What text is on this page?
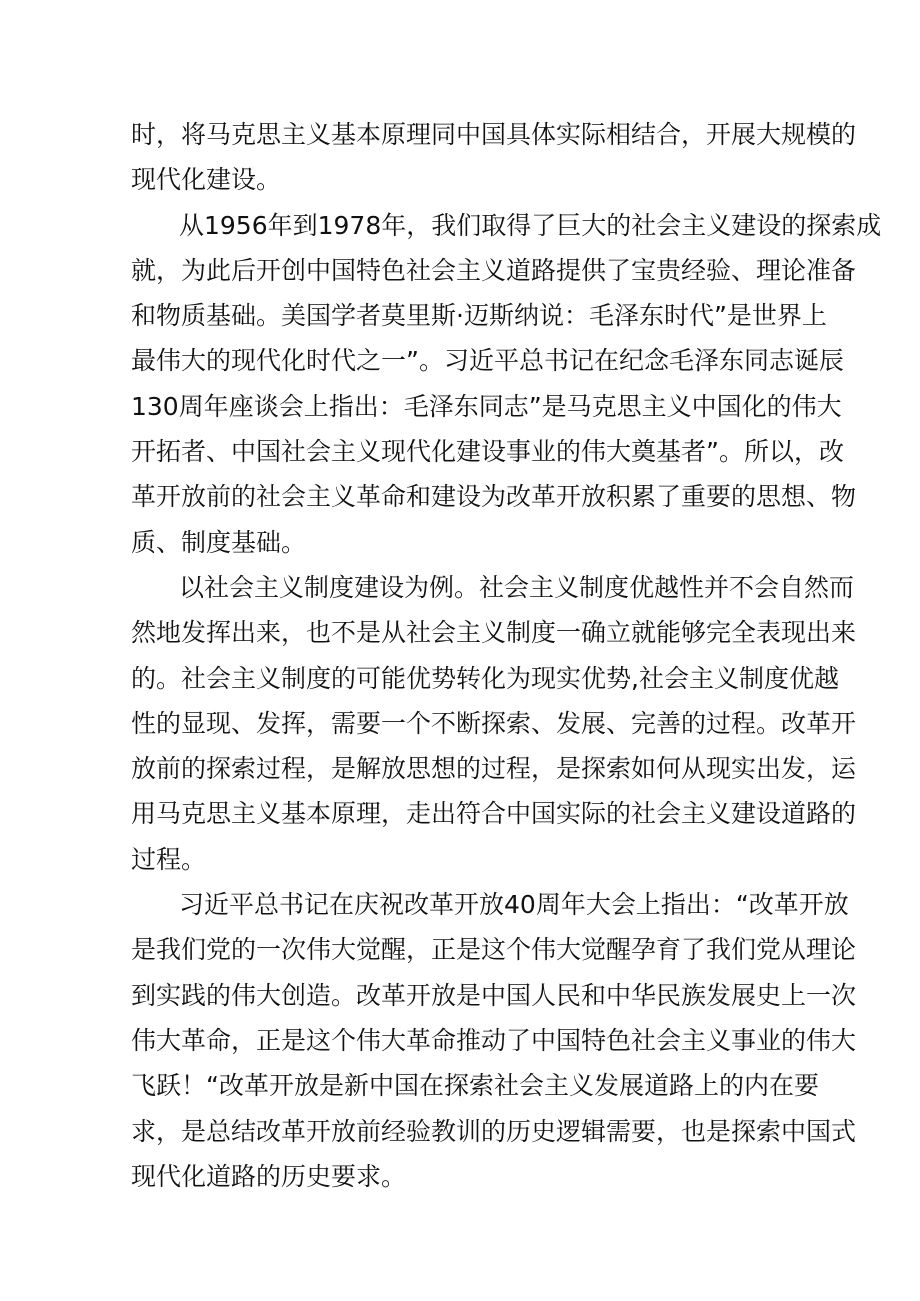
时，将马克思主义基本原理同中国具体实际相结合，开展大规模的
现代化建设。
从1956年到1978年，我们取得了巨大的社会主义建设的探索成
就，为此后开创中国特色社会主义道路提供了宝贵经验、理论准备
和物质基础。美国学者莫里斯·迈斯纳说：毛泽东时代”是世界上
最伟大的现代化时代之一”。习近平总书记在纪念毛泽东同志诞辰
130周年座谈会上指出：毛泽东同志”是马克思主义中国化的伟大
开拓者、中国社会主义现代化建设事业的伟大奠基者”。所以，改
革开放前的社会主义革命和建设为改革开放积累了重要的思想、物
质、制度基础。
以社会主义制度建设为例。社会主义制度优越性并不会自然而
然地发挥出来，也不是从社会主义制度一确立就能够完全表现出来
的。社会主义制度的可能优势转化为现实优势,社会主义制度优越
性的显现、发挥，需要一个不断探索、发展、完善的过程。改革开
放前的探索过程，是解放思想的过程，是探索如何从现实出发，运
用马克思主义基本原理，走出符合中国实际的社会主义建设道路的
过程。
习近平总书记在庆祝改革开放40周年大会上指出：“改革开放
是我们党的一次伟大觉醒，正是这个伟大觉醒孕育了我们党从理论
到实践的伟大创造。改革开放是中国人民和中华民族发展史上一次
伟大革命，正是这个伟大革命推动了中国特色社会主义事业的伟大
飞跃！“改革开放是新中国在探索社会主义发展道路上的内在要
求，是总结改革开放前经验教训的历史逻辑需要，也是探索中国式
现代化道路的历史要求。
